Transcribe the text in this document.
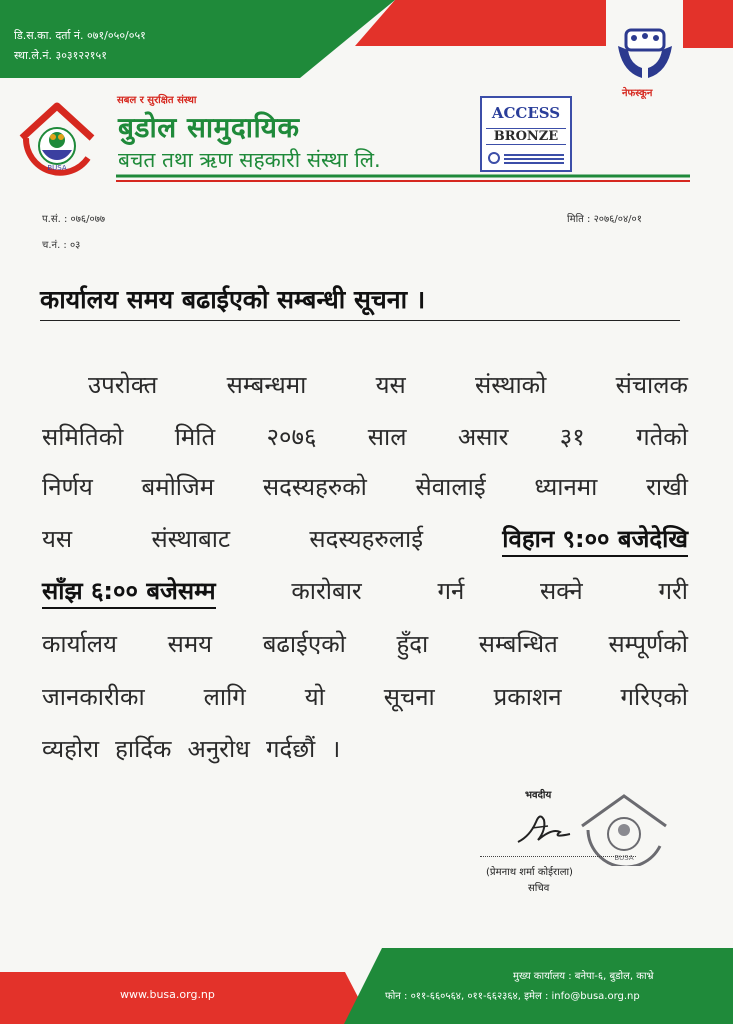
डि.स.का. दर्ता नं. ०७१/०५०/०५१
स्था.ले.नं. ३०३१२२१५१
BUSA
सबल र सुरक्षित संस्था
बुडोल सामुदायिक
बचत तथा ऋण सहकारी संस्था लि.
ACCESS
BRONZE
नेफस्कून
प.सं. : ०७६/०७७
च.नं. : ०३
मिति : २०७६/०४/०१
कार्यालय समय बढाईएको सम्बन्धी सूचना ।
उपरोक्त	सम्बन्धमा	यस	संस्थाको	संचालक
समितिको मिति २०७६ साल असार ३१ गतेको
निर्णय बमोजिम सदस्यहरुको सेवालाई ध्यानमा राखी
यस	संस्थाबाट	सदस्यहरुलाई	विहान ९:०० बजेदेखि
साँझ ६:०० बजेसम्म	कारोबार	गर्न	सक्ने	गरी
कार्यालय समय बढाईएको हुँदा सम्बन्धित सम्पूर्णको
जानकारीका लागि यो सूचना प्रकाशन गरिएको
व्यहोरा हार्दिक अनुरोध गर्दछौं ।
भवदीय
BUSA
(प्रेमनाथ शर्मा कोईराला)
सचिव
www.busa.org.np
मुख्य कार्यालय : बनेपा-६, बुडोल, काभ्रे
फोन : ०११-६६०५६४, ०११-६६२३६४, इमेल : info@busa.org.np
